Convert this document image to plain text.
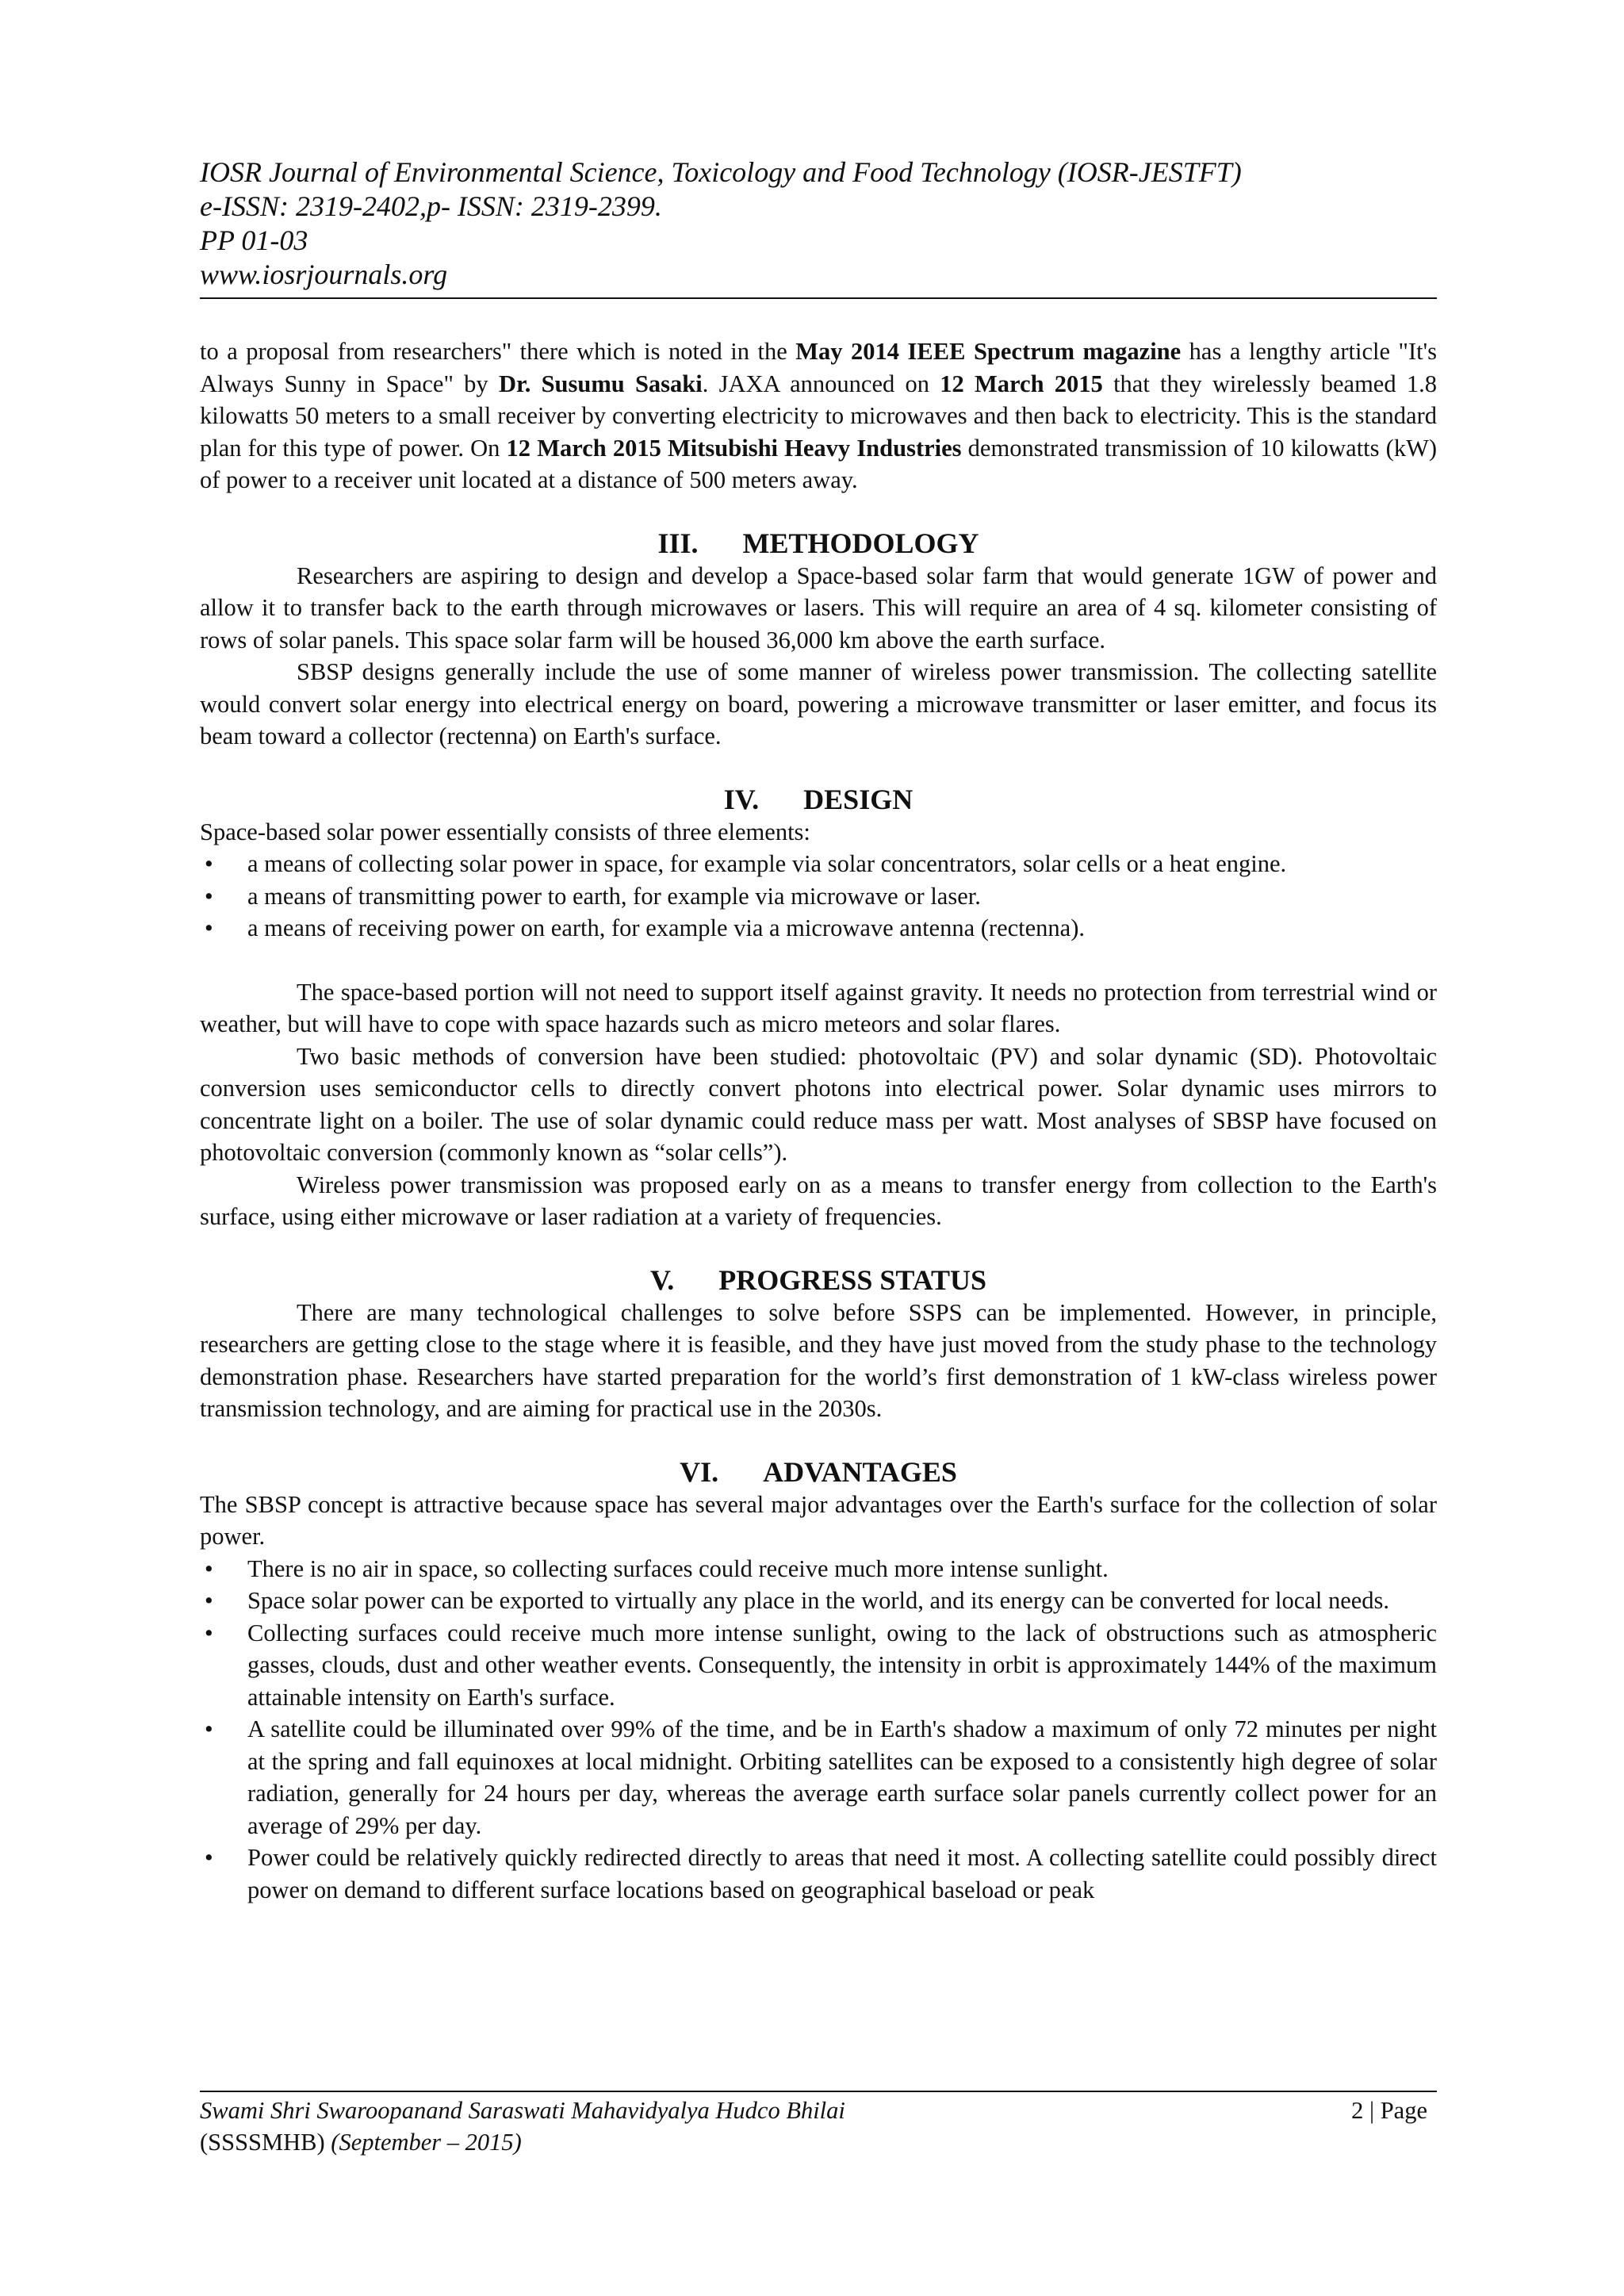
IOSR Journal of Environmental Science, Toxicology and Food Technology (IOSR-JESTFT)
e-ISSN: 2319-2402,p- ISSN: 2319-2399.
PP 01-03
www.iosrjournals.org

to a proposal from researchers" there which is noted in the May 2014 IEEE Spectrum magazine has a lengthy article "It's Always Sunny in Space" by Dr. Susumu Sasaki. JAXA announced on 12 March 2015 that they wirelessly beamed 1.8 kilowatts 50 meters to a small receiver by converting electricity to microwaves and then back to electricity. This is the standard plan for this type of power. On 12 March 2015 Mitsubishi Heavy Industries demonstrated transmission of 10 kilowatts (kW) of power to a receiver unit located at a distance of 500 meters away.

III. METHODOLOGY

Researchers are aspiring to design and develop a Space-based solar farm that would generate 1GW of power and allow it to transfer back to the earth through microwaves or lasers. This will require an area of 4 sq. kilometer consisting of rows of solar panels. This space solar farm will be housed 36,000 km above the earth surface.

SBSP designs generally include the use of some manner of wireless power transmission. The collecting satellite would convert solar energy into electrical energy on board, powering a microwave transmitter or laser emitter, and focus its beam toward a collector (rectenna) on Earth's surface.

IV. DESIGN

Space-based solar power essentially consists of three elements:

• a means of collecting solar power in space, for example via solar concentrators, solar cells or a heat engine.
• a means of transmitting power to earth, for example via microwave or laser.
• a means of receiving power on earth, for example via a microwave antenna (rectenna).

The space-based portion will not need to support itself against gravity. It needs no protection from terrestrial wind or weather, but will have to cope with space hazards such as micro meteors and solar flares.

Two basic methods of conversion have been studied: photovoltaic (PV) and solar dynamic (SD). Photovoltaic conversion uses semiconductor cells to directly convert photons into electrical power. Solar dynamic uses mirrors to concentrate light on a boiler. The use of solar dynamic could reduce mass per watt. Most analyses of SBSP have focused on photovoltaic conversion (commonly known as “solar cells”).

Wireless power transmission was proposed early on as a means to transfer energy from collection to the Earth's surface, using either microwave or laser radiation at a variety of frequencies.

V. PROGRESS STATUS

There are many technological challenges to solve before SSPS can be implemented. However, in principle, researchers are getting close to the stage where it is feasible, and they have just moved from the study phase to the technology demonstration phase. Researchers have started preparation for the world’s first demonstration of 1 kW-class wireless power transmission technology, and are aiming for practical use in the 2030s.

VI. ADVANTAGES

The SBSP concept is attractive because space has several major advantages over the Earth's surface for the collection of solar power.

• There is no air in space, so collecting surfaces could receive much more intense sunlight.
• Space solar power can be exported to virtually any place in the world, and its energy can be converted for local needs.
• Collecting surfaces could receive much more intense sunlight, owing to the lack of obstructions such as atmospheric gasses, clouds, dust and other weather events. Consequently, the intensity in orbit is approximately 144% of the maximum attainable intensity on Earth's surface.
• A satellite could be illuminated over 99% of the time, and be in Earth's shadow a maximum of only 72 minutes per night at the spring and fall equinoxes at local midnight. Orbiting satellites can be exposed to a consistently high degree of solar radiation, generally for 24 hours per day, whereas the average earth surface solar panels currently collect power for an average of 29% per day.
• Power could be relatively quickly redirected directly to areas that need it most. A collecting satellite could possibly direct power on demand to different surface locations based on geographical baseload or peak
Swami Shri Swaroopanand Saraswati Mahavidyalya Hudco Bhilai	2 | Page
(SSSSMHB) (September – 2015)
